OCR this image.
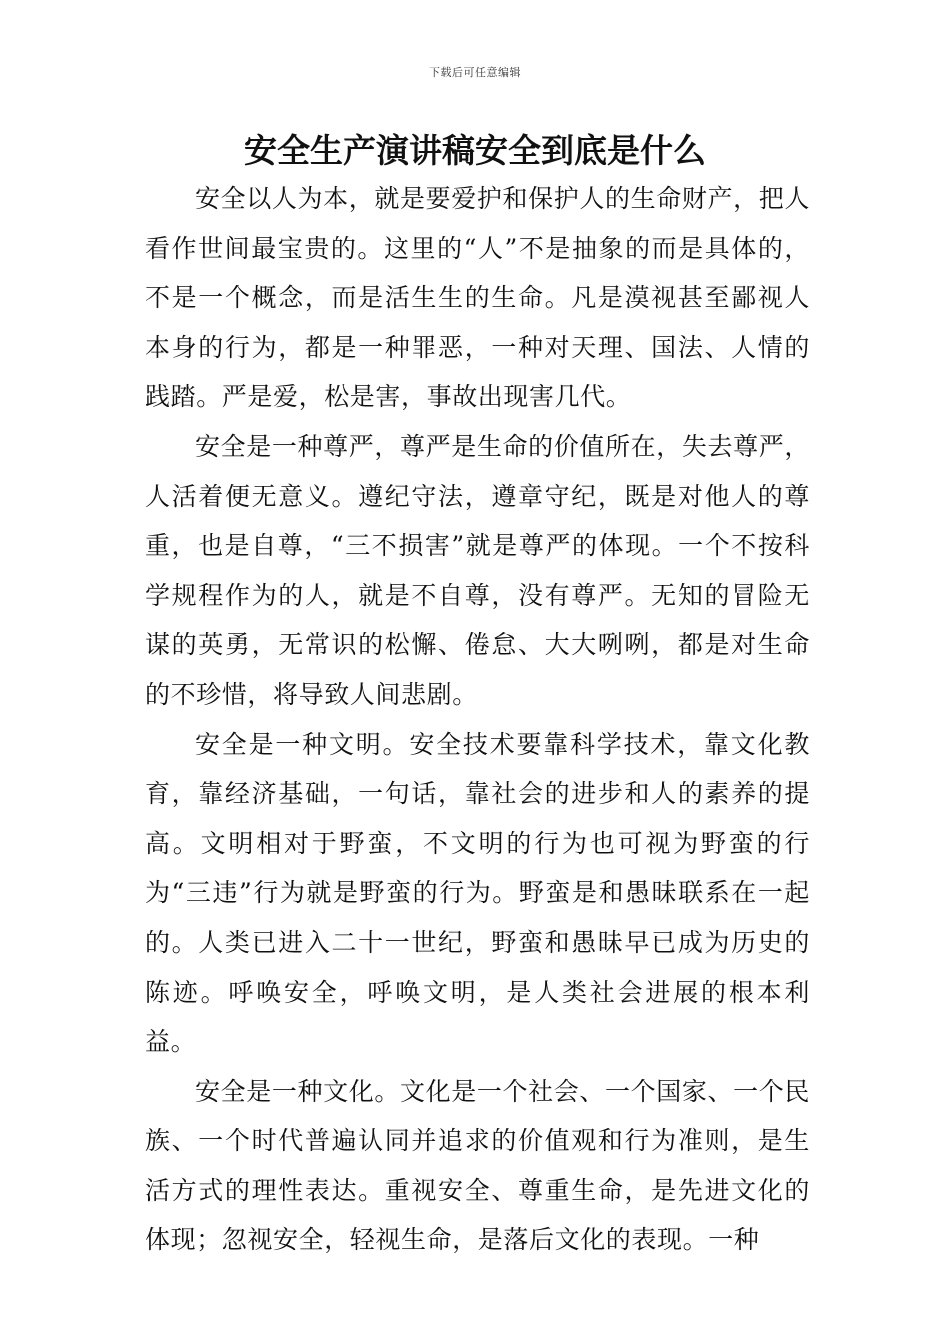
下载后可任意编辑
安全生产演讲稿安全到底是什么

安全以人为本，就是要爱护和保护人的生命财产，把人看作世间最宝贵的。这里的“人”不是抽象的而是具体的，不是一个概念，而是活生生的生命。凡是漠视甚至鄙视人本身的行为，都是一种罪恶，一种对天理、国法、人情的践踏。严是爱，松是害，事故出现害几代。

安全是一种尊严，尊严是生命的价值所在，失去尊严，人活着便无意义。遵纪守法，遵章守纪，既是对他人的尊重，也是自尊，“三不损害”就是尊严的体现。一个不按科学规程作为的人，就是不自尊，没有尊严。无知的冒险无谋的英勇，无常识的松懈、倦怠、大大咧咧，都是对生命的不珍惜，将导致人间悲剧。

安全是一种文明。安全技术要靠科学技术，靠文化教育，靠经济基础，一句话，靠社会的进步和人的素养的提高。文明相对于野蛮，不文明的行为也可视为野蛮的行为“三违”行为就是野蛮的行为。野蛮是和愚昧联系在一起的。人类已进入二十一世纪，野蛮和愚昧早已成为历史的陈迹。呼唤安全，呼唤文明，是人类社会进展的根本利益。

安全是一种文化。文化是一个社会、一个国家、一个民族、一个时代普遍认同并追求的价值观和行为准则，是生活方式的理性表达。重视安全、尊重生命，是先进文化的体现；忽视安全，轻视生命，是落后文化的表现。一种
